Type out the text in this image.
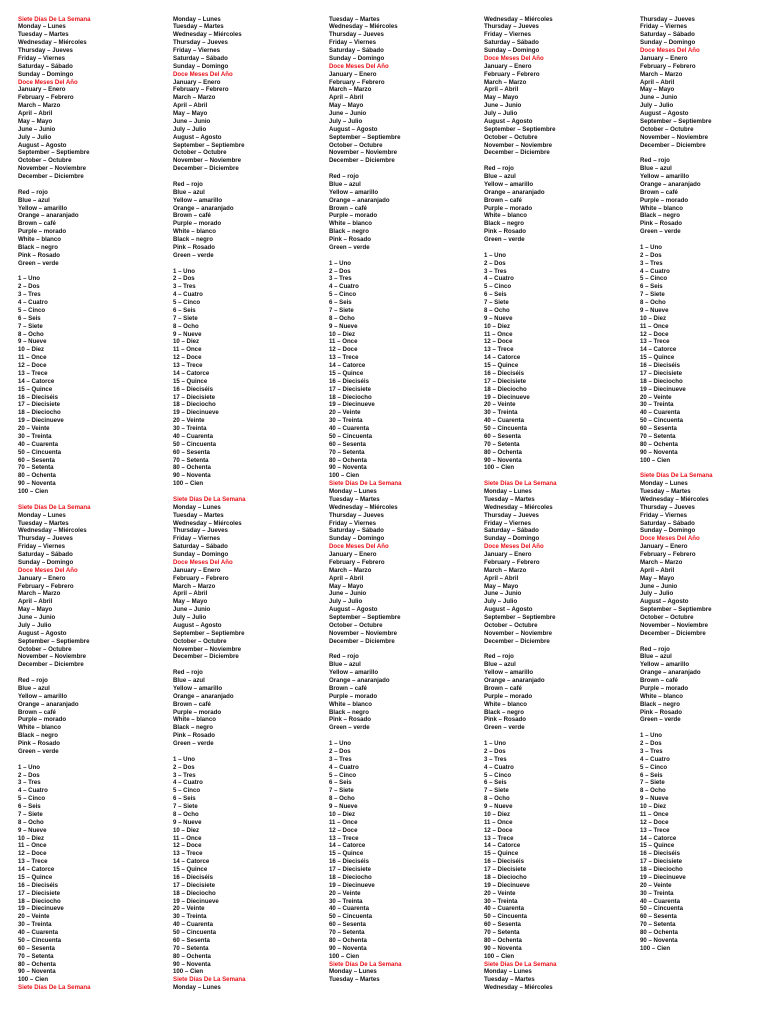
Siete Días De La Semana
Monday – Lunes
Tuesday – Martes
Wednesday – Miércoles
Thursday – Jueves
Friday – Viernes
Saturday – Sábado
Sunday – Domingo
Doce Meses Del Año
January – Enero
February – Febrero
March – Marzo
April – Abril
May – Mayo
June – Junio
July – Julio
August – Agosto
September – Septiembre
October – Octubre
November – Noviembre
December – Diciembre
Red – rojo
Blue – azul
Yellow – amarillo
Orange – anaranjado
Brown – café
Purple – morado
White – blanco
Black – negro
Pink – Rosado
Green – verde
1 – Uno
2 – Dos
3 – Tres
4 – Cuatro
5 – Cinco
6 – Seis
7 – Siete
8 – Ocho
9 – Nueve
10 – Diez
11 – Once
12 – Doce
13 – Trece
14 – Catorce
15 – Quince
16 – Dieciséis
17 – Diecisiete
18 – Dieciocho
19 – Diecinueve
20 – Veinte
30 – Treinta
40 – Cuarenta
50 – Cincuenta
60 – Sesenta
70 – Setenta
80 – Ochenta
90 – Noventa
100 – Cien
Siete Días De La Semana
Monday – Lunes
Tuesday – Martes
Wednesday – Miércoles
Thursday – Jueves
Friday – Viernes
Saturday – Sábado
Sunday – Domingo
Doce Meses Del Año
January – Enero
February – Febrero
March – Marzo
April – Abril
May – Mayo
June – Junio
July – Julio
August – Agosto
September – Septiembre
October – Octubre
November – Noviembre
December – Diciembre
Red – rojo
Blue – azul
Yellow – amarillo
Orange – anaranjado
Brown – café
Purple – morado
White – blanco
Black – negro
Pink – Rosado
Green – verde
1 – Uno
2 – Dos
3 – Tres
4 – Cuatro
5 – Cinco
6 – Seis
7 – Siete
8 – Ocho
9 – Nueve
10 – Diez
11 – Once
12 – Doce
13 – Trece
14 – Catorce
15 – Quince
16 – Dieciséis
17 – Diecisiete
18 – Dieciocho
19 – Diecinueve
20 – Veinte
30 – Treinta
40 – Cuarenta
50 – Cincuenta
60 – Sesenta
70 – Setenta
80 – Ochenta
90 – Noventa
100 – Cien
Siete Días De La Semana
Monday – Lunes
Tuesday – Martes
Wednesday – Miércoles
Thursday – Jueves
Friday – Viernes
Saturday – Sábado
Sunday – Domingo
Doce Meses Del Año
January – Enero
February – Febrero
March – Marzo
April – Abril
May – Mayo
June – Junio
July – Julio
August – Agosto
September – Septiembre
October – Octubre
November – Noviembre
December – Diciembre
Red – rojo
Blue – azul
Yellow – amarillo
Orange – anaranjado
Brown – café
Purple – morado
White – blanco
Black – negro
Pink – Rosado
Green – verde
1 – Uno
2 – Dos
3 – Tres
4 – Cuatro
5 – Cinco
6 – Seis
7 – Siete
8 – Ocho
9 – Nueve
10 – Diez
11 – Once
12 – Doce
13 – Trece
14 – Catorce
15 – Quince
16 – Dieciséis
17 – Diecisiete
18 – Dieciocho
19 – Diecinueve
20 – Veinte
30 – Treinta
40 – Cuarenta
50 – Cincuenta
60 – Sesenta
70 – Setenta
80 – Ochenta
90 – Noventa
100 – Cien
Siete Días De La Semana
Monday – Lunes
Tuesday – Martes
Wednesday – Miércoles
Thursday – Jueves
Friday – Viernes
Saturday – Sábado
Sunday – Domingo
Doce Meses Del Año
January – Enero
February – Febrero
March – Marzo
April – Abril
May – Mayo
June – Junio
July – Julio
August – Agosto
September – Septiembre
October – Octubre
November – Noviembre
December – Diciembre
Red – rojo
Blue – azul
Yellow – amarillo
Orange – anaranjado
Brown – café
Purple – morado
White – blanco
Black – negro
Pink – Rosado
Green – verde
1 – Uno
2 – Dos
3 – Tres
4 – Cuatro
5 – Cinco
6 – Seis
7 – Siete
8 – Ocho
9 – Nueve
10 – Diez
11 – Once
12 – Doce
13 – Trece
14 – Catorce
15 – Quince
16 – Dieciséis
17 – Diecisiete
18 – Dieciocho
19 – Diecinueve
20 – Veinte
30 – Treinta
40 – Cuarenta
50 – Cincuenta
60 – Sesenta
70 – Setenta
80 – Ochenta
90 – Noventa
100 – Cien
Siete Días De La Semana
Monday – Lunes
Tuesday – Martes
Wednesday – Miércoles
Thursday – Jueves
Friday – Viernes
Saturday – Sábado
Sunday – Domingo
Doce Meses Del Año
January – Enero
February – Febrero
March – Marzo
April – Abril
May – Mayo
June – Junio
July – Julio
August – Agosto
September – Septiembre
October – Octubre
November – Noviembre
December – Diciembre
Red – rojo
Blue – azul
Yellow – amarillo
Orange – anaranjado
Brown – café
Purple – morado
White – blanco
Black – negro
Pink – Rosado
Green – verde
1 – Uno
2 – Dos
3 – Tres
4 – Cuatro
5 – Cinco
6 – Seis
7 – Siete
8 – Ocho
9 – Nueve
10 – Diez
11 – Once
12 – Doce
13 – Trece
14 – Catorce
15 – Quince
16 – Dieciséis
17 – Diecisiete
18 – Dieciocho
19 – Diecinueve
20 – Veinte
30 – Treinta
40 – Cuarenta
50 – Cincuenta
60 – Sesenta
70 – Setenta
80 – Ochenta
90 – Noventa
100 – Cien
Siete Días De La Semana
Monday – Lunes
Tuesday – Martes
Wednesday – Miércoles
Thursday – Jueves
Friday – Viernes
Saturday – Sábado
Sunday – Domingo
Doce Meses Del Año
January – Enero
February – Febrero
March – Marzo
April – Abril
May – Mayo
June – Junio
July – Julio
August – Agosto
September – Septiembre
October – Octubre
November – Noviembre
December – Diciembre
Red – rojo
Blue – azul
Yellow – amarillo
Orange – anaranjado
Brown – café
Purple – morado
White – blanco
Black – negro
Pink – Rosado
Green – verde
1 – Uno
2 – Dos
3 – Tres
4 – Cuatro
5 – Cinco
6 – Seis
7 – Siete
8 – Ocho
9 – Nueve
10 – Diez
11 – Once
12 – Doce
13 – Trece
14 – Catorce
15 – Quince
16 – Dieciséis
17 – Diecisiete
18 – Dieciocho
19 – Diecinueve
20 – Veinte
30 – Treinta
40 – Cuarenta
50 – Cincuenta
60 – Sesenta
70 – Setenta
80 – Ochenta
90 – Noventa
100 – Cien
Siete Días De La Semana
Monday – Lunes
Tuesday – Martes
Wednesday – Miércoles
Thursday – Jueves
Friday – Viernes
Saturday – Sábado
Sunday – Domingo
Doce Meses Del Año
January – Enero
February – Febrero
March – Marzo
April – Abril
May – Mayo
June – Junio
July – Julio
August – Agosto
September – Septiembre
October – Octubre
November – Noviembre
December – Diciembre
Red – rojo
Blue – azul
Yellow – amarillo
Orange – anaranjado
Brown – café
Purple – morado
White – blanco
Black – negro
Pink – Rosado
Green – verde
1 – Uno
2 – Dos
3 – Tres
4 – Cuatro
5 – Cinco
6 – Seis
7 – Siete
8 – Ocho
9 – Nueve
10 – Diez
11 – Once
12 – Doce
13 – Trece
14 – Catorce
15 – Quince
16 – Dieciséis
17 – Diecisiete
18 – Dieciocho
19 – Diecinueve
20 – Veinte
30 – Treinta
40 – Cuarenta
50 – Cincuenta
60 – Sesenta
70 – Setenta
80 – Ochenta
90 – Noventa
100 – Cien
Siete Días De La Semana
Monday – Lunes
Tuesday – Martes
Wednesday – Miércoles
Thursday – Jueves
Friday – Viernes
Saturday – Sábado
Sunday – Domingo
Doce Meses Del Año
January – Enero
February – Febrero
March – Marzo
April – Abril
May – Mayo
June – Junio
July – Julio
August – Agosto
September – Septiembre
October – Octubre
November – Noviembre
December – Diciembre
Red – rojo
Blue – azul
Yellow – amarillo
Orange – anaranjado
Brown – café
Purple – morado
White – blanco
Black – negro
Pink – Rosado
Green – verde
1 – Uno
2 – Dos
3 – Tres
4 – Cuatro
5 – Cinco
6 – Seis
7 – Siete
8 – Ocho
9 – Nueve
10 – Diez
11 – Once
12 – Doce
13 – Trece
14 – Catorce
15 – Quince
16 – Dieciséis
17 – Diecisiete
18 – Dieciocho
19 – Diecinueve
20 – Veinte
30 – Treinta
40 – Cuarenta
50 – Cincuenta
60 – Sesenta
70 – Setenta
80 – Ochenta
90 – Noventa
100 – Cien
Siete Días De La Semana
Monday – Lunes
Tuesday – Martes
Wednesday – Miércoles
Thursday – Jueves
Friday – Viernes
Saturday – Sábado
Sunday – Domingo
Doce Meses Del Año
January – Enero
February – Febrero
March – Marzo
April – Abril
May – Mayo
June – Junio
July – Julio
August – Agosto
September – Septiembre
October – Octubre
November – Noviembre
December – Diciembre
Red – rojo
Blue – azul
Yellow – amarillo
Orange – anaranjado
Brown – café
Purple – morado
White – blanco
Black – negro
Pink – Rosado
Green – verde
1 – Uno
2 – Dos
3 – Tres
4 – Cuatro
5 – Cinco
6 – Seis
7 – Siete
8 – Ocho
9 – Nueve
10 – Diez
11 – Once
12 – Doce
13 – Trece
14 – Catorce
15 – Quince
16 – Dieciséis
17 – Diecisiete
18 – Dieciocho
19 – Diecinueve
20 – Veinte
30 – Treinta
40 – Cuarenta
50 – Cincuenta
60 – Sesenta
70 – Setenta
80 – Ochenta
90 – Noventa
100 – Cien
Siete Días De La Semana
Monday – Lunes
Tuesday – Martes
Wednesday – Miércoles
Thursday – Jueves
Friday – Viernes
Saturday – Sábado
Sunday – Domingo
Doce Meses Del Año
January – Enero
February – Febrero
March – Marzo
April – Abril
May – Mayo
June – Junio
July – Julio
August – Agosto
September – Septiembre
October – Octubre
November – Noviembre
December – Diciembre
Red – rojo
Blue – azul
Yellow – amarillo
Orange – anaranjado
Brown – café
Purple – morado
White – blanco
Black – negro
Pink – Rosado
Green – verde
1 – Uno
2 – Dos
3 – Tres
4 – Cuatro
5 – Cinco
6 – Seis
7 – Siete
8 – Ocho
9 – Nueve
10 – Diez
11 – Once
12 – Doce
13 – Trece
14 – Catorce
15 – Quince
16 – Dieciséis
17 – Diecisiete
18 – Dieciocho
19 – Diecinueve
20 – Veinte
30 – Treinta
40 – Cuarenta
50 – Cincuenta
60 – Sesenta
70 – Setenta
80 – Ochenta
90 – Noventa
100 – Cien
